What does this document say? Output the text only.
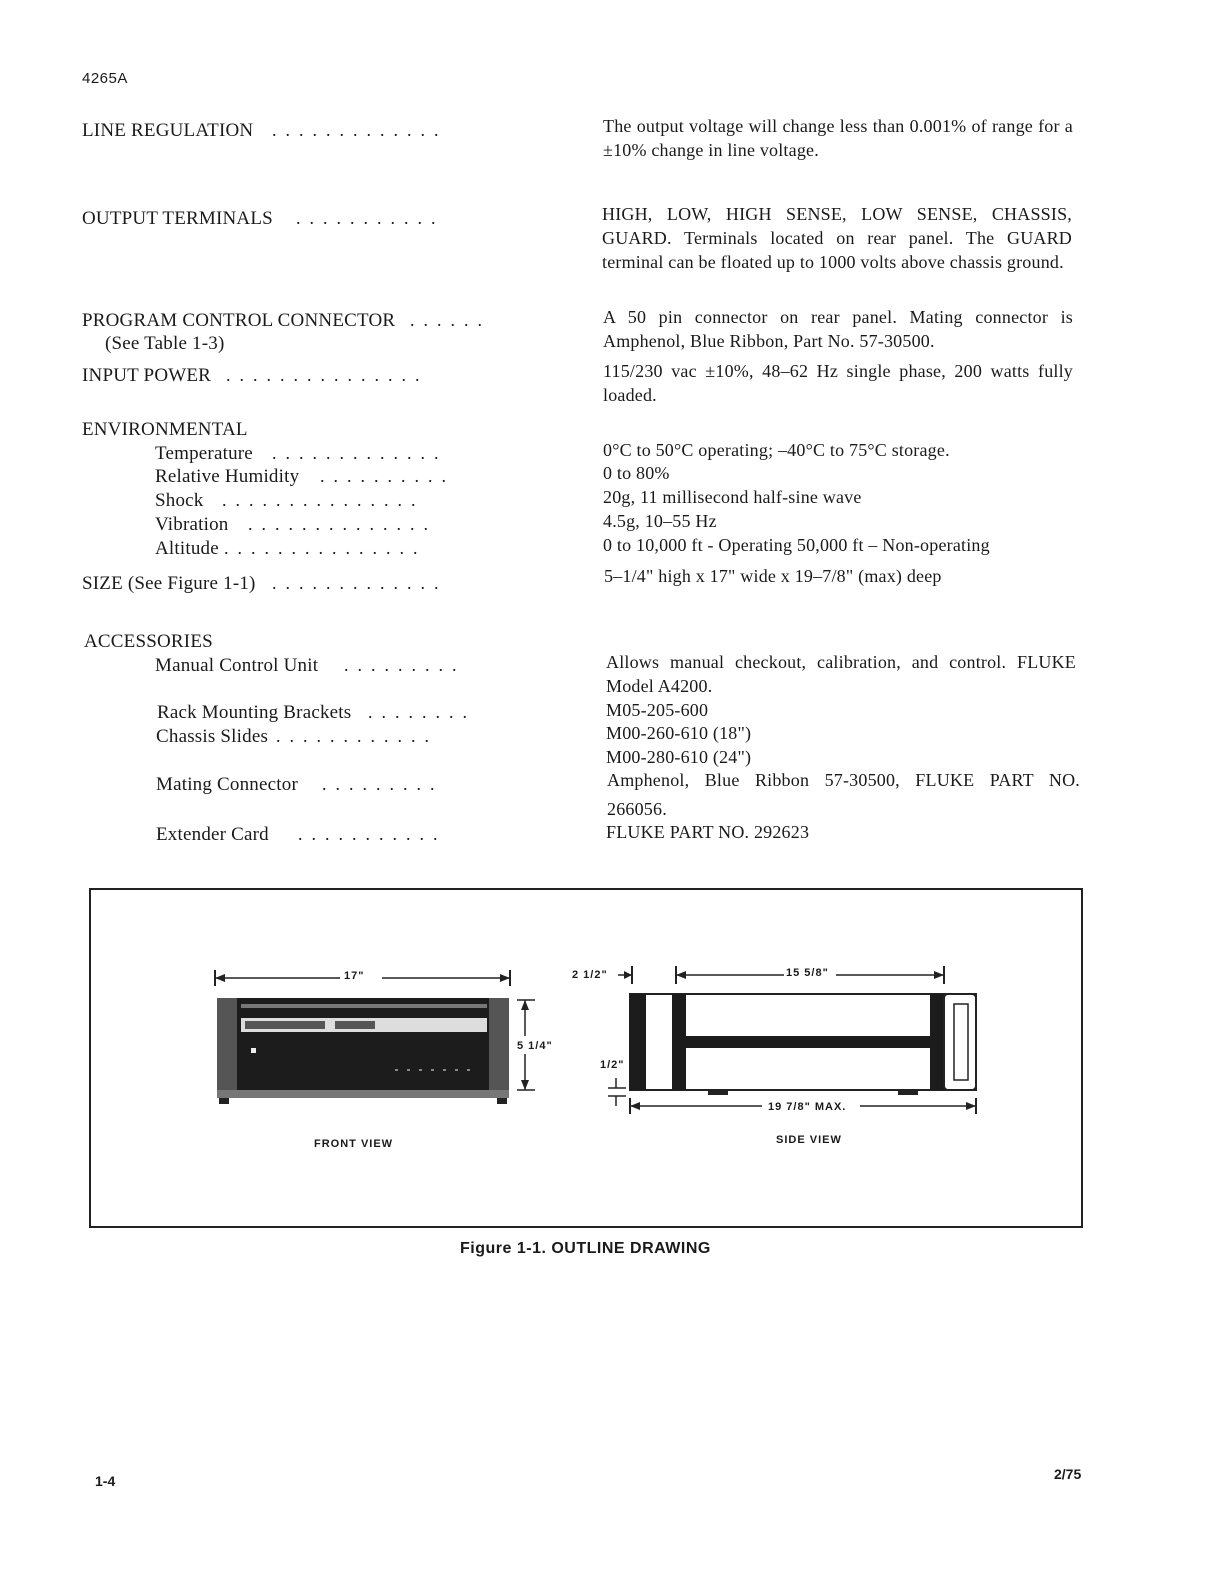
4265A
LINE REGULATION .............	The output voltage will change less than 0.001% of range for a ±10% change in line voltage.
OUTPUT TERMINALS ...........	HIGH, LOW, HIGH SENSE, LOW SENSE, CHASSIS, GUARD. Terminals located on rear panel. The GUARD terminal can be floated up to 1000 volts above chassis ground.
PROGRAM CONTROL CONNECTOR
(See Table 1-3)
......	A 50 pin connector on rear panel. Mating connector is Amphenol, Blue Ribbon, Part No. 57-30500.
INPUT POWER ...............	115/230 vac ±10%, 48–62 Hz single phase, 200 watts fully loaded.
ENVIRONMENTAL
Temperature .............	0°C to 50°C operating; –40°C to 75°C storage.
Relative Humidity ..........	0 to 80%
Shock ...............	20g, 11 millisecond half-sine wave
Vibration ..............	4.5g, 10–55 Hz
Altitude ...............	0 to 10,000 ft - Operating 50,000 ft – Non-operating
SIZE (See Figure 1-1) .............	5–1/4" high x 17" wide x 19–7/8" (max) deep
ACCESSORIES
Manual Control Unit .........	Allows manual checkout, calibration, and control. FLUKE Model A4200.
Rack Mounting Brackets ........	M05-205-600
Chassis Slides ............	M00-260-610 (18")
M00-280-610 (24")
Mating Connector .........	Amphenol, Blue Ribbon 57-30500, FLUKE PART NO. 266056.
Extender Card ...........	FLUKE PART NO. 292623
17"
5 1/4"
FRONT VIEW
2 1/2"	15 5/8"
1/2"
19 7/8" MAX.
SIDE VIEW
Figure 1-1. OUTLINE DRAWING
1-4	2/75
